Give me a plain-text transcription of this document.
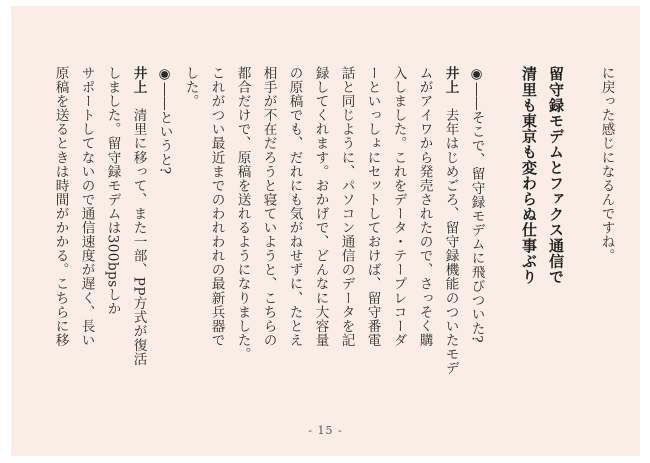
に戻った感じになるんですね。
留守録モデムとファクス通信で
清里も東京も変わらぬ仕事ぶり
◉――そこで、留守録モデムに飛びついた?
井上　去年はじめごろ、留守録機能のついたモデ
ムがアイワから発売されたので、さっそく購
入しました。これをデータ・テープレコーダ
ーといっしょにセットしておけば、留守番電
話と同じように、パソコン通信のデータを記
録してくれます。おかげで、どんなに大容量
の原稿でも、だれにも気がねせずに、たとえ
相手が不在だろうと寝ていようと、こちらの
都合だけで、原稿を送れるようになりました。
これがつい最近までのわれわれの最新兵器で
した。
◉――というと?
井上　清里に移って、また一部、PP方式が復活
しました。留守録モデムは300bpsしか
サポートしてないので通信速度が遅く、長い
原稿を送るときは時間がかかる。こちらに移
- 15 -
